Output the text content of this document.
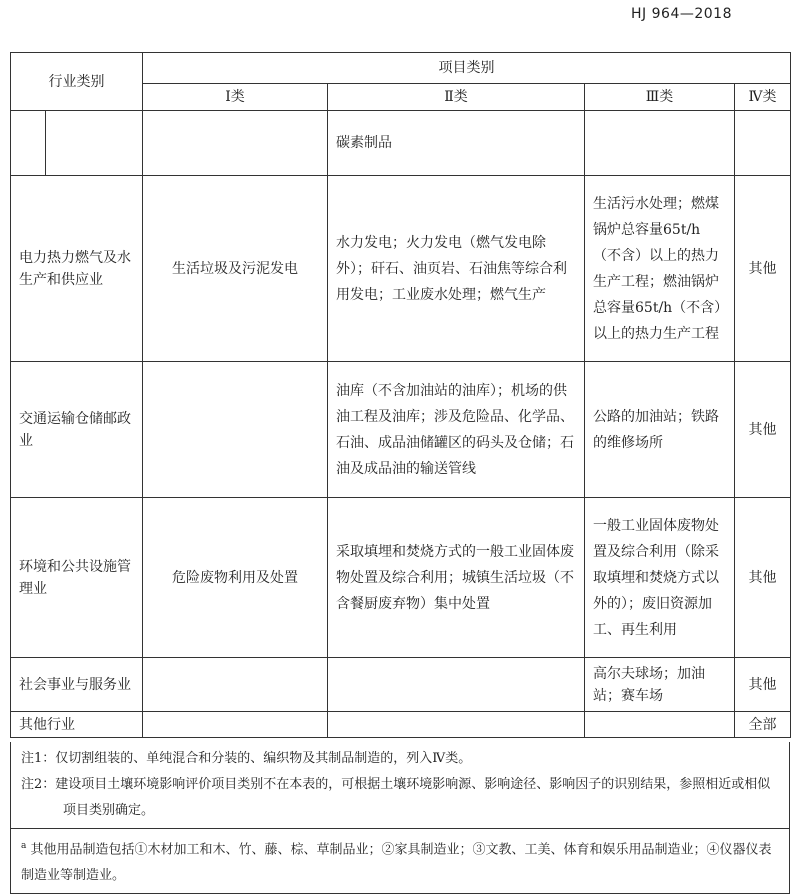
HJ 964—2018
行业类别	项目类别			
	Ⅰ类	Ⅱ类	Ⅲ类	Ⅳ类

		碳素制品		
电力热力燃气及水生产和供应业	生活垃圾及污泥发电	水力发电；火力发电（燃气发电除外）；矸石、油页岩、石油焦等综合利用发电；工业废水处理；燃气生产	生活污水处理；燃煤锅炉总容量65t/h（不含）以上的热力生产工程；燃油锅炉总容量65t/h（不含）以上的热力生产工程	其他
交通运输仓储邮政业		油库（不含加油站的油库）；机场的供油工程及油库；涉及危险品、化学品、石油、成品油储罐区的码头及仓储；石油及成品油的输送管线	公路的加油站；铁路的维修场所	其他
环境和公共设施管理业	危险废物利用及处置	采取填埋和焚烧方式的一般工业固体废物处置及综合利用；城镇生活垃圾（不含餐厨废弃物）集中处置	一般工业固体废物处置及综合利用（除采取填埋和焚烧方式以外的）；废旧资源加工、再生利用	其他
社会事业与服务业			高尔夫球场；加油站；赛车场	其他
其他行业				全部
注1：仅切割组装的、单纯混合和分装的、编织物及其制品制造的，列入Ⅳ类。
注2：建设项目土壤环境影响评价项目类别不在本表的，可根据土壤环境影响源、影响途径、影响因子的识别结果，参照相近或相似项目类别确定。
$^a$ 其他用品制造包括①木材加工和木、竹、藤、棕、草制品业；②家具制造业；③文教、工美、体育和娱乐用品制造业；④仪器仪表制造业等制造业。
